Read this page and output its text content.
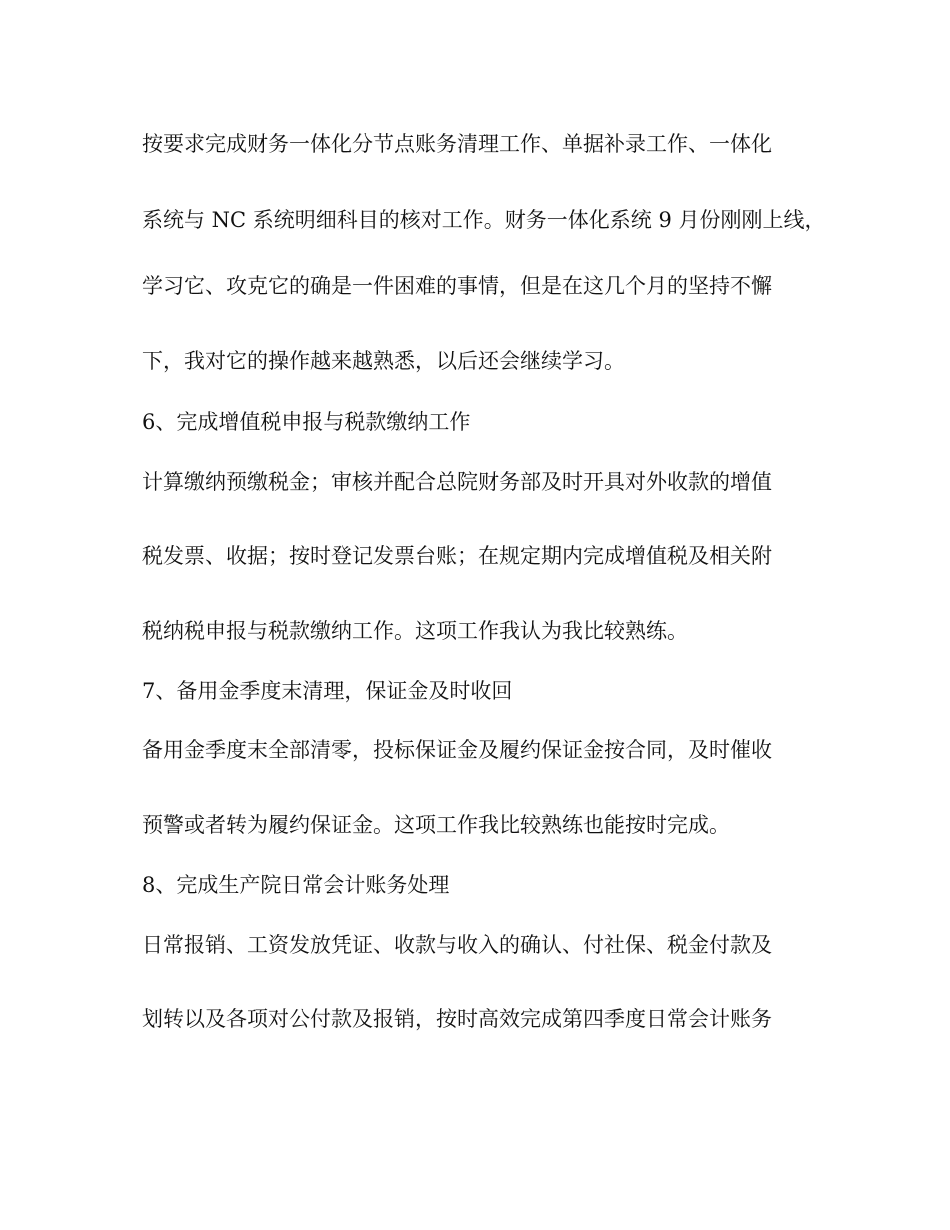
按要求完成财务一体化分节点账务清理工作、单据补录工作、一体化
系统与 NC 系统明细科目的核对工作。财务一体化系统 9 月份刚刚上线，
学习它、攻克它的确是一件困难的事情，但是在这几个月的坚持不懈
下，我对它的操作越来越熟悉，以后还会继续学习。
6、完成增值税申报与税款缴纳工作
计算缴纳预缴税金；审核并配合总院财务部及时开具对外收款的增值
税发票、收据；按时登记发票台账；在规定期内完成增值税及相关附
税纳税申报与税款缴纳工作。这项工作我认为我比较熟练。
7、备用金季度末清理，保证金及时收回
备用金季度末全部清零，投标保证金及履约保证金按合同，及时催收
预警或者转为履约保证金。这项工作我比较熟练也能按时完成。
8、完成生产院日常会计账务处理
日常报销、工资发放凭证、收款与收入的确认、付社保、税金付款及
划转以及各项对公付款及报销，按时高效完成第四季度日常会计账务
